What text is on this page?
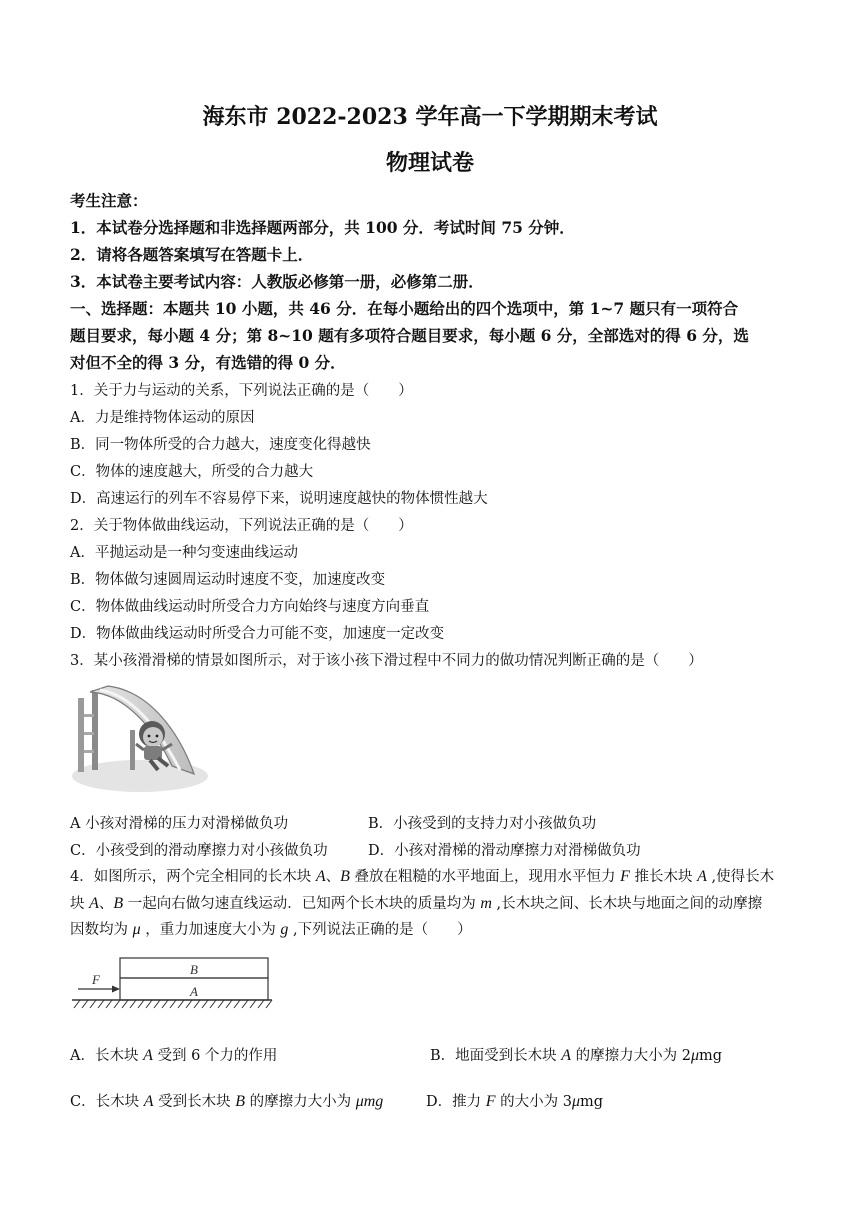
海东市 2022-2023 学年高一下学期期末考试
物理试卷
考生注意：
1．本试卷分选择题和非选择题两部分，共 100 分．考试时间 75 分钟．
2．请将各题答案填写在答题卡上．
3．本试卷主要考试内容：人教版必修第一册，必修第二册．
一、选择题：本题共 10 小题，共 46 分．在每小题给出的四个选项中，第 1~7 题只有一项符合
题目要求，每小题 4 分；第 8~10 题有多项符合题目要求，每小题 6 分，全部选对的得 6 分，选
对但不全的得 3 分，有选错的得 0 分．
1．关于力与运动的关系，下列说法正确的是（　　）
A．力是维持物体运动的原因
B．同一物体所受的合力越大，速度变化得越快
C．物体的速度越大，所受的合力越大
D．高速运行的列车不容易停下来，说明速度越快的物体惯性越大
2．关于物体做曲线运动，下列说法正确的是（　　）
A．平抛运动是一种匀变速曲线运动
B．物体做匀速圆周运动时速度不变，加速度改变
C．物体做曲线运动时所受合力方向始终与速度方向垂直
D．物体做曲线运动时所受合力可能不变，加速度一定改变
3．某小孩滑滑梯的情景如图所示，对于该小孩下滑过程中不同力的做功情况判断正确的是（　　）
A 小孩对滑梯的压力对滑梯做负功	B．小孩受到的支持力对小孩做负功
C．小孩受到的滑动摩擦力对小孩做负功	D．小孩对滑梯的滑动摩擦力对滑梯做负功
4．如图所示，两个完全相同的长木块 A、B 叠放在粗糙的水平地面上，现用水平恒力 F 推长木块 A ,使得长木
块 A、B 一起向右做匀速直线运动．已知两个长木块的质量均为 m ,长木块之间、长木块与地面之间的动摩擦
因数均为 μ ，重力加速度大小为 g ,下列说法正确的是（　　）
F
B
A
A．长木块 A 受到 6 个力的作用	B．地面受到长木块 A 的摩擦力大小为 2μmg
C．长木块 A 受到长木块 B 的摩擦力大小为 μmg	D．推力 F 的大小为 3μmg
